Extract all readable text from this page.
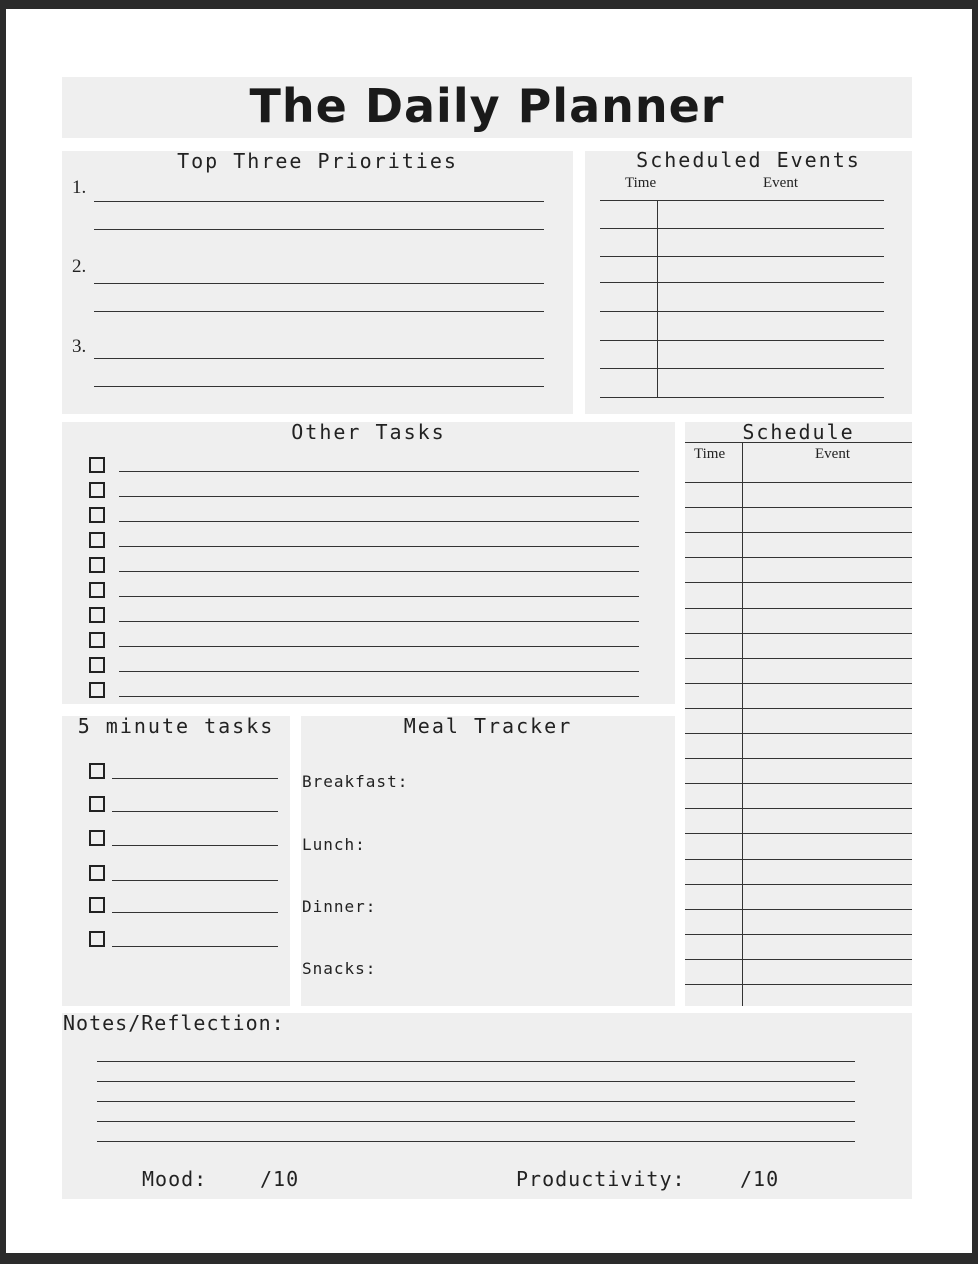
The Daily Planner
Top Three Priorities
1.
2.
3.
Scheduled Events
Time	Event
Other Tasks	Schedule
Time	Event
5 minute tasks	Meal Tracker
Breakfast:
Lunch:
Dinner:
Snacks:
Notes/Reflection:
Mood:	/10	Productivity:	/10
